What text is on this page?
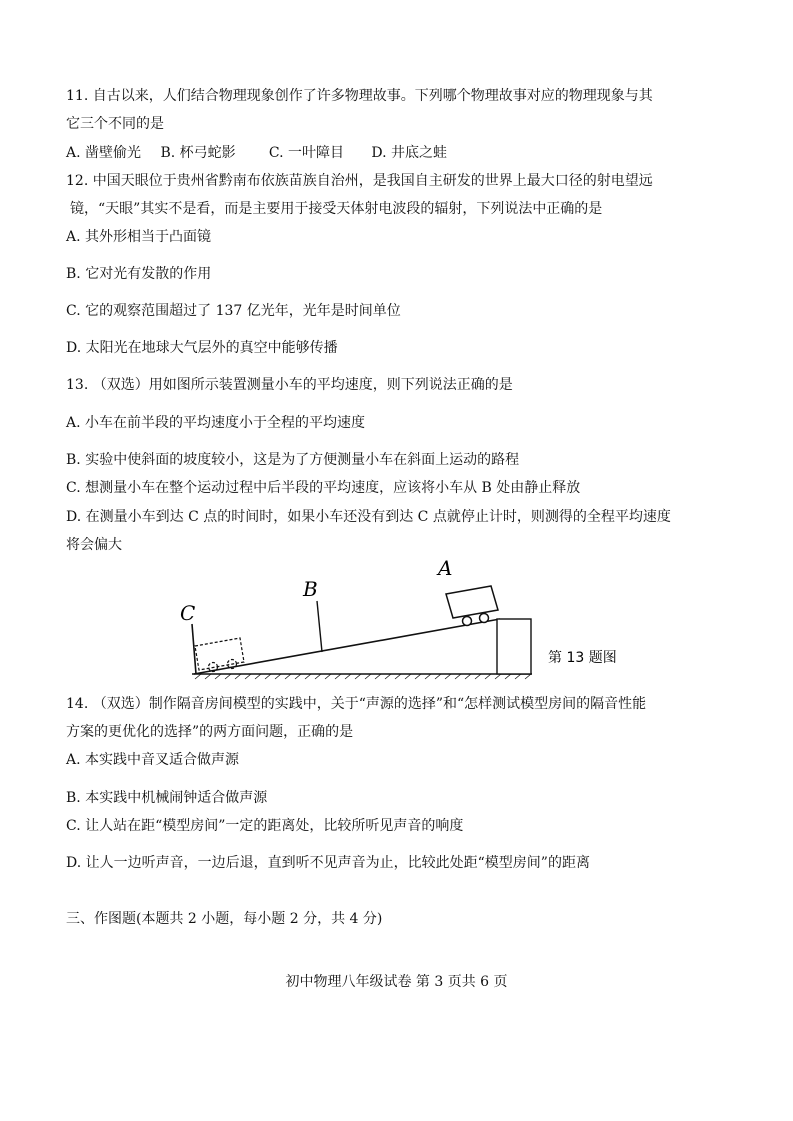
11. 自古以来，人们结合物理现象创作了许多物理故事。下列哪个物理故事对应的物理现象与其
它三个不同的是
A. 凿壁偷光 B. 杯弓蛇影 C. 一叶障目 D. 井底之蛙
12. 中国天眼位于贵州省黔南布依族苗族自治州，是我国自主研发的世界上最大口径的射电望远
镜，“天眼”其实不是看，而是主要用于接受天体射电波段的辐射，下列说法中正确的是
A. 其外形相当于凸面镜
B. 它对光有发散的作用
C. 它的观察范围超过了 137 亿光年，光年是时间单位
D. 太阳光在地球大气层外的真空中能够传播
13. （双选）用如图所示装置测量小车的平均速度，则下列说法正确的是
A. 小车在前半段的平均速度小于全程的平均速度
B. 实验中使斜面的坡度较小，这是为了方便测量小车在斜面上运动的路程
C. 想测量小车在整个运动过程中后半段的平均速度，应该将小车从 B 处由静止释放
D. 在测量小车到达 C 点的时间时，如果小车还没有到达 C 点就停止计时，则测得的全程平均速度
将会偏大
C
B
A
第 13 题图
14. （双选）制作隔音房间模型的实践中，关于“声源的选择”和“怎样测试模型房间的隔音性能
方案的更优化的选择”的两方面问题，正确的是
A. 本实践中音叉适合做声源
B. 本实践中机械闹钟适合做声源
C. 让人站在距“模型房间”一定的距离处，比较所听见声音的响度
D. 让人一边听声音，一边后退，直到听不见声音为止，比较此处距“模型房间”的距离
三、作图题(本题共 2 小题，每小题 2 分，共 4 分)
初中物理八年级试卷 第 3 页共 6 页
